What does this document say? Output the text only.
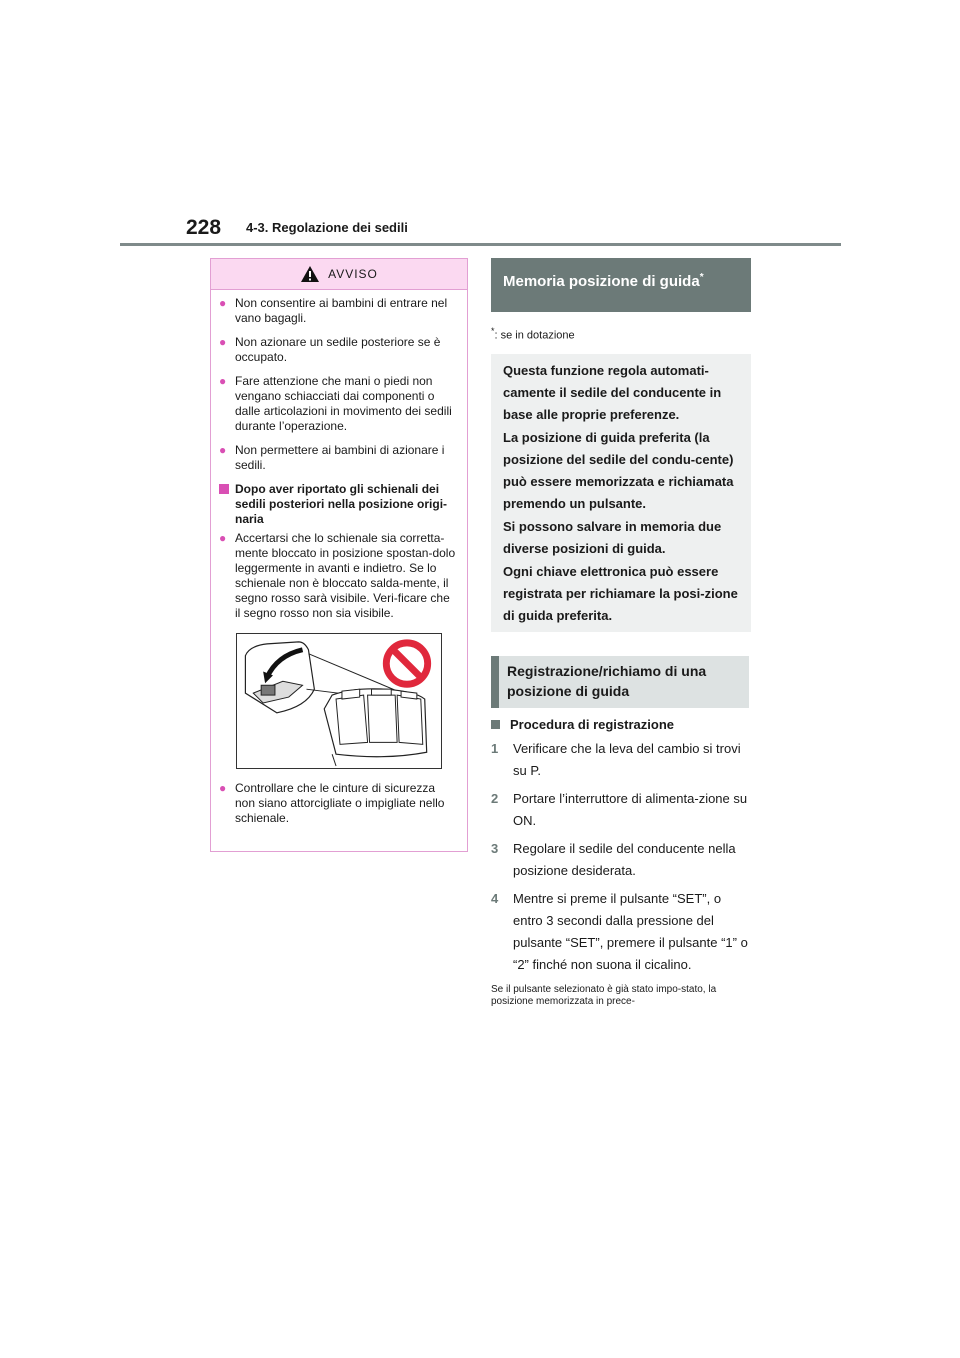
228 4-3. Regolazione dei sedili
AVVISO
● Non consentire ai bambini di entrare nel vano bagagli.
● Non azionare un sedile posteriore se è occupato.
● Fare attenzione che mani o piedi non vengano schiacciati dai componenti o dalle articolazioni in movimento dei sedili durante l’operazione.
● Non permettere ai bambini di azionare i sedili.
Dopo aver riportato gli schienali dei sedili posteriori nella posizione origi-naria
● Accertarsi che lo schienale sia corretta-mente bloccato in posizione spostan-dolo leggermente in avanti e indietro. Se lo schienale non è bloccato salda-mente, il segno rosso sarà visibile. Veri-ficare che il segno rosso non sia visibile.
● Controllare che le cinture di sicurezza non siano attorcigliate o impigliate nello schienale.
Memoria posizione di guida*
*: se in dotazione

Questa funzione regola automati-camente il sedile del conducente in base alle proprie preferenze.

La posizione di guida preferita (la posizione del sedile del condu-cente) può essere memorizzata e richiamata premendo un pulsante.

Si possono salvare in memoria due diverse posizioni di guida.

Ogni chiave elettronica può essere registrata per richiamare la posi-zione di guida preferita.

Registrazione/richiamo di una posizione di guida
Procedura di registrazione
1	Verificare che la leva del cambio si trovi su P.
2	Portare l’interruttore di alimenta-zione su ON.
3	Regolare il sedile del conducente nella posizione desiderata.
4	Mentre si preme il pulsante “SET”, o entro 3 secondi dalla pressione del pulsante “SET”, premere il pulsante “1” o “2” finché non suona il cicalino.
Se il pulsante selezionato è già stato impo-stato, la posizione memorizzata in prece-
